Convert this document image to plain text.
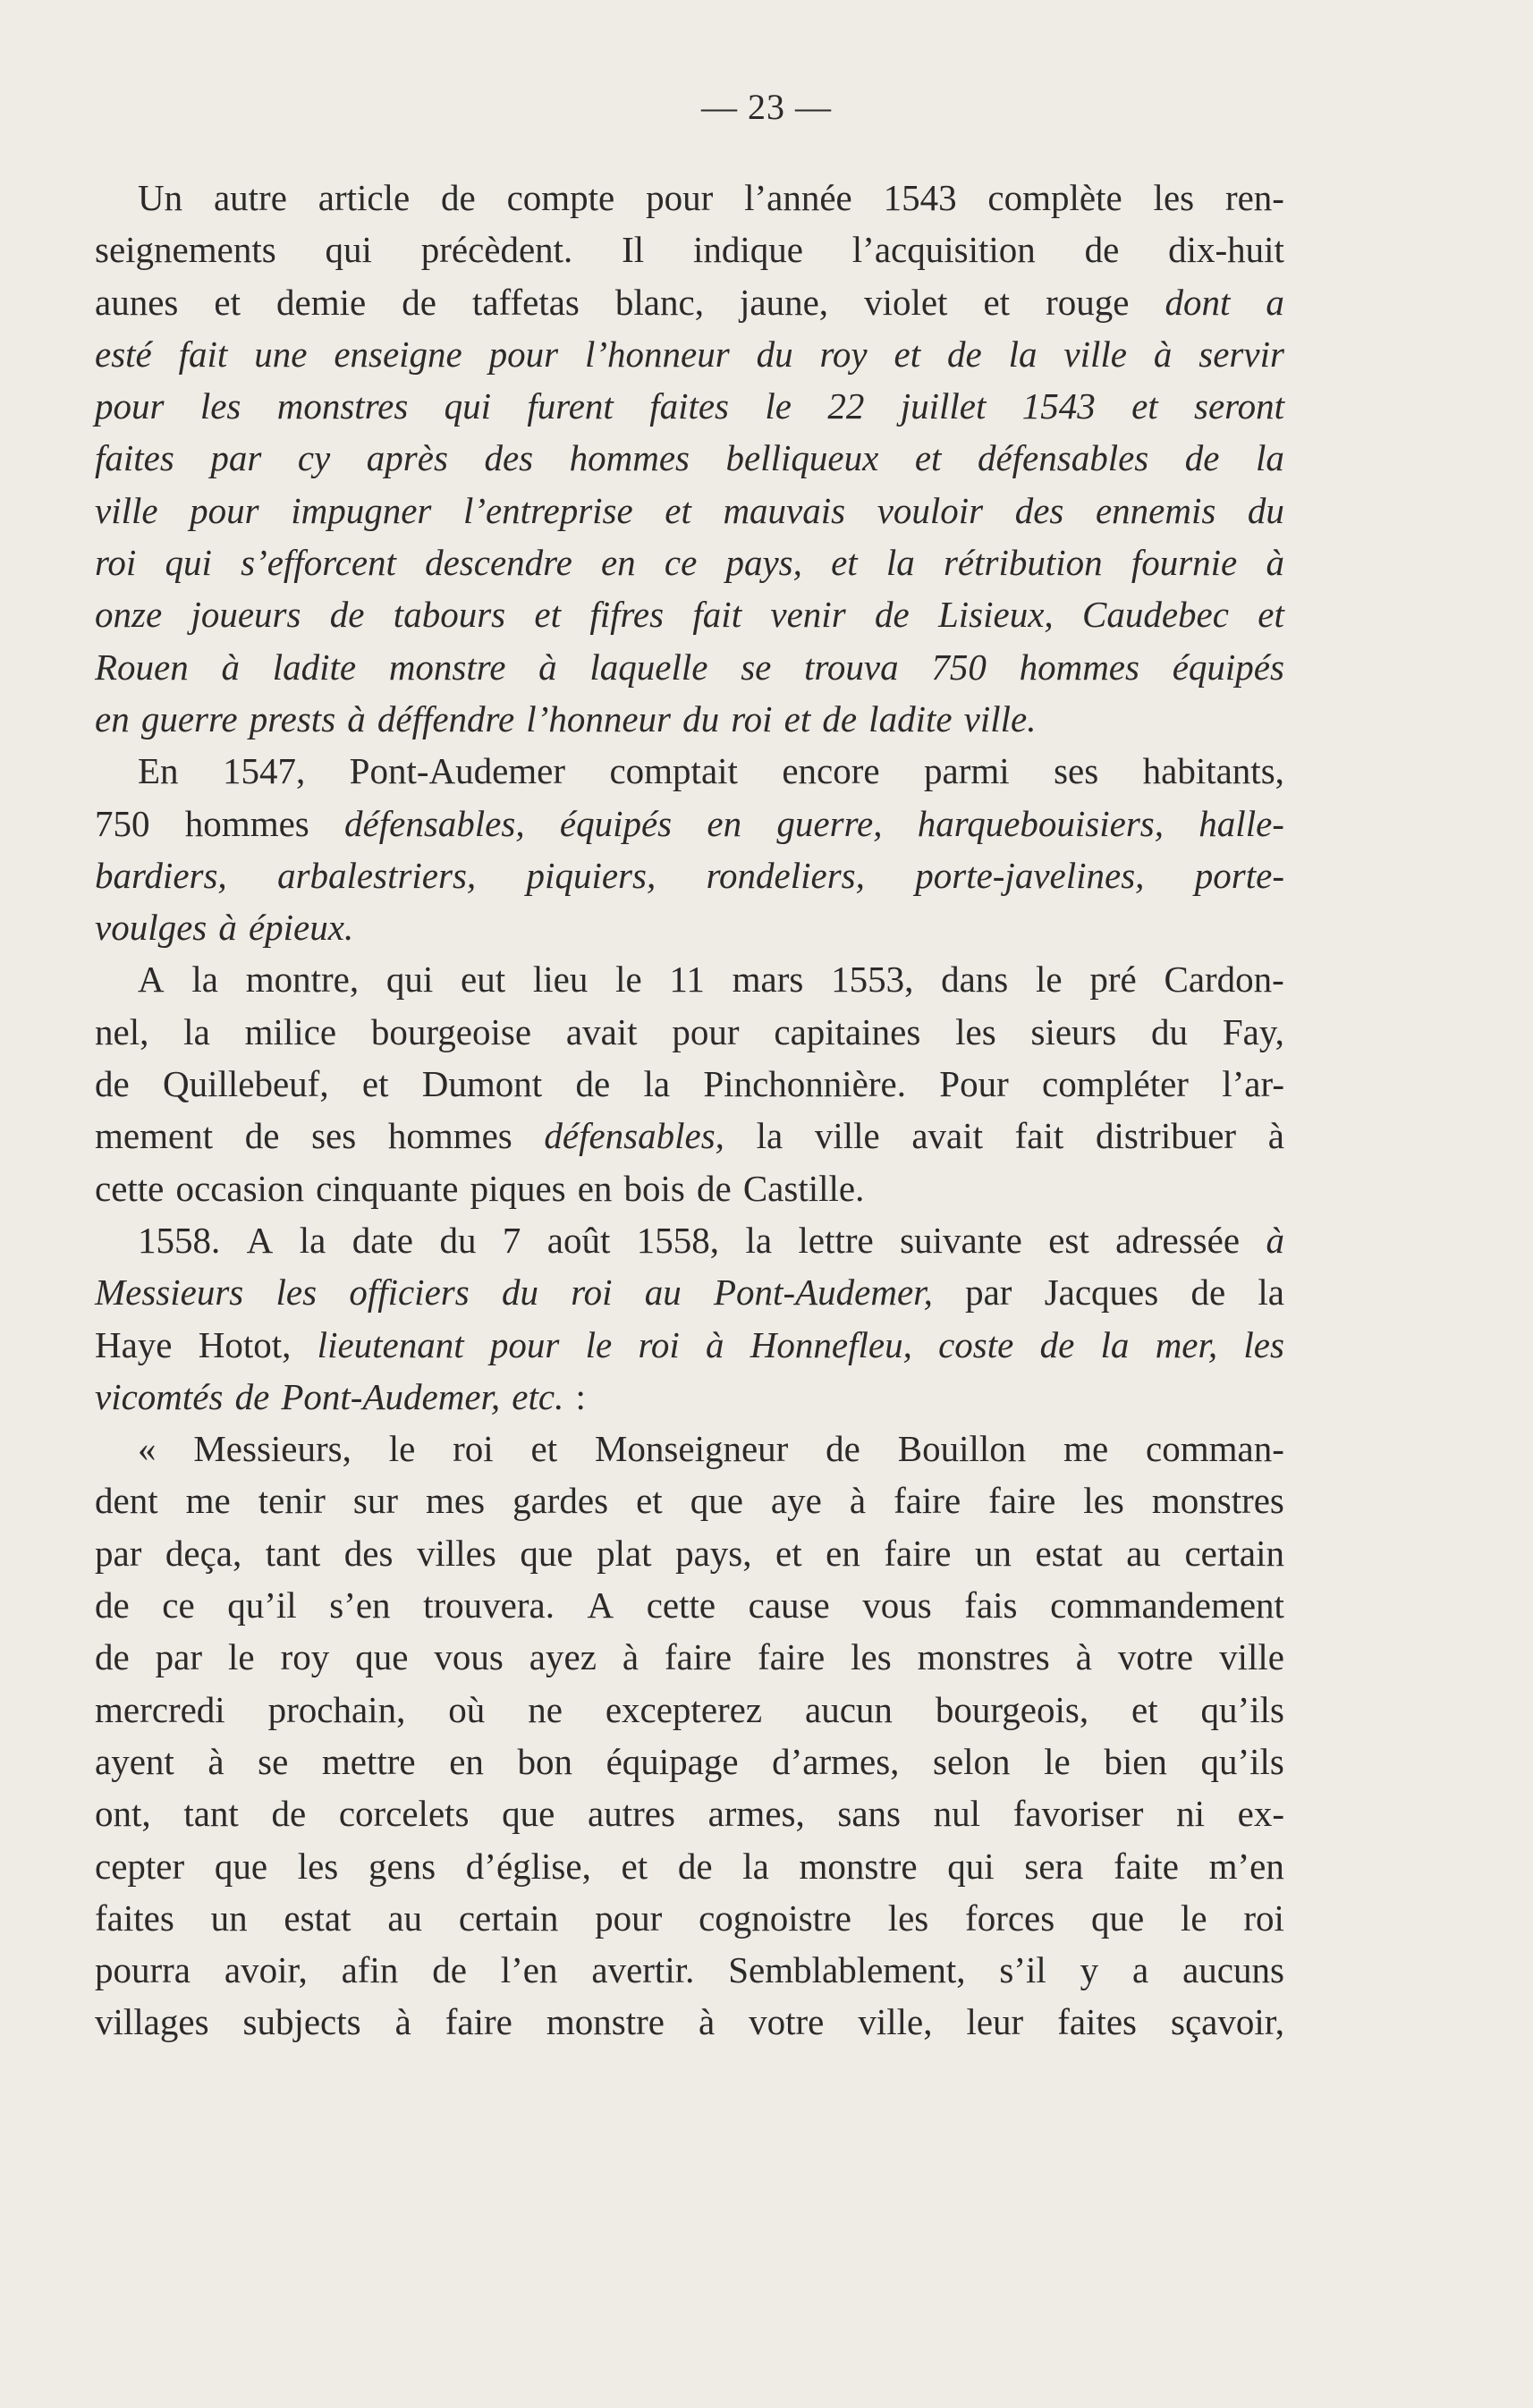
— 23 —
Un autre article de compte pour l’année 1543 complète les ren-
seignements qui précèdent. Il indique l’acquisition de dix-huit
aunes et demie de taffetas blanc, jaune, violet et rouge dont a
esté fait une enseigne pour l’honneur du roy et de la ville à servir
pour les monstres qui furent faites le 22 juillet 1543 et seront
faites par cy après des hommes belliqueux et défensables de la
ville pour impugner l’entreprise et mauvais vouloir des ennemis du
roi qui s’efforcent descendre en ce pays, et la rétribution fournie à
onze joueurs de tabours et fifres fait venir de Lisieux, Caudebec et
Rouen à ladite monstre à laquelle se trouva 750 hommes équipés
en guerre prests à déffendre l’honneur du roi et de ladite ville.
En 1547, Pont-Audemer comptait encore parmi ses habitants,
750 hommes défensables, équipés en guerre, harquebouisiers, halle-
bardiers, arbalestriers, piquiers, rondeliers, porte-javelines, porte-
voulges à épieux.
A la montre, qui eut lieu le 11 mars 1553, dans le pré Cardon-
nel, la milice bourgeoise avait pour capitaines les sieurs du Fay,
de Quillebeuf, et Dumont de la Pinchonnière. Pour compléter l’ar-
mement de ses hommes défensables, la ville avait fait distribuer à
cette occasion cinquante piques en bois de Castille.
1558. A la date du 7 août 1558, la lettre suivante est adressée à
Messieurs les officiers du roi au Pont-Audemer, par Jacques de la
Haye Hotot, lieutenant pour le roi à Honnefleu, coste de la mer, les
vicomtés de Pont-Audemer, etc. :
« Messieurs, le roi et Monseigneur de Bouillon me comman-
dent me tenir sur mes gardes et que aye à faire faire les monstres
par deça, tant des villes que plat pays, et en faire un estat au certain
de ce qu’il s’en trouvera. A cette cause vous fais commandement
de par le roy que vous ayez à faire faire les monstres à votre ville
mercredi prochain, où ne excepterez aucun bourgeois, et qu’ils
ayent à se mettre en bon équipage d’armes, selon le bien qu’ils
ont, tant de corcelets que autres armes, sans nul favoriser ni ex-
cepter que les gens d’église, et de la monstre qui sera faite m’en
faites un estat au certain pour cognoistre les forces que le roi
pourra avoir, afin de l’en avertir. Semblablement, s’il y a aucuns
villages subjects à faire monstre à votre ville, leur faites sçavoir,
